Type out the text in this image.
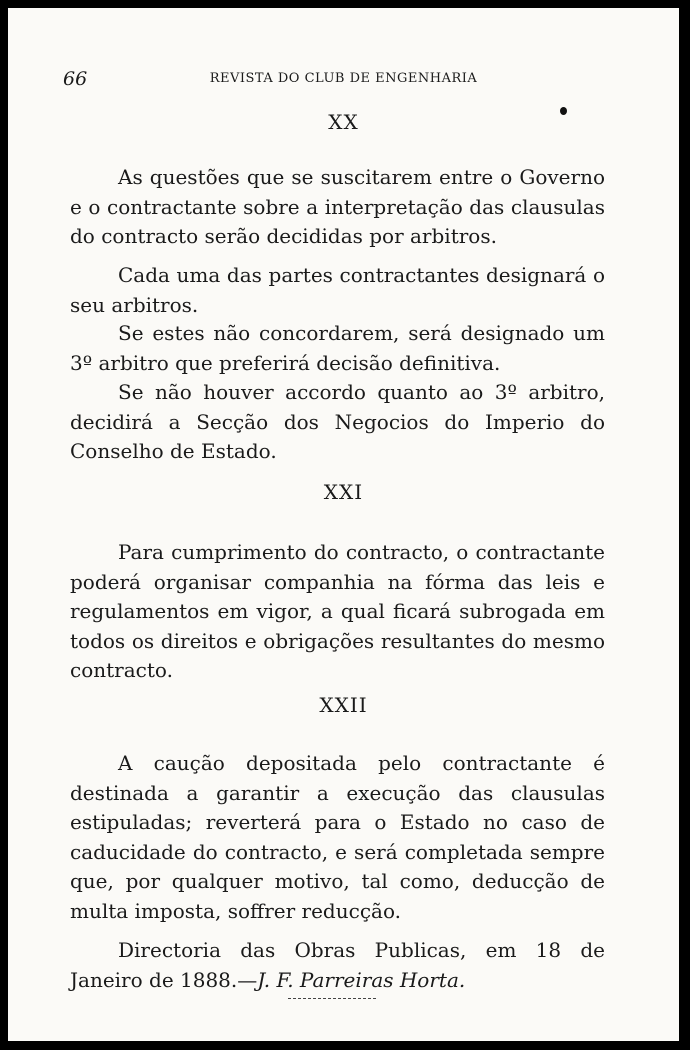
66	REVISTA DO CLUB DE ENGENHARIA
XX

As questões que se suscitarem entre o Governo e o contractante sobre a interpretação das clausulas do contracto serão decididas por arbitros.

Cada uma das partes contractantes designará o seu arbitros.

Se estes não concordarem, será designado um 3º arbitro que preferirá decisão definitiva.

Se não houver accordo quanto ao 3º arbitro, decidirá a Secção dos Negocios do Imperio do Conselho de Estado.

XXI

Para cumprimento do contracto, o contractante poderá organisar companhia na fórma das leis e regulamentos em vigor, a qual ficará subrogada em todos os direitos e obrigações resultantes do mesmo contracto.

XXII

A caução depositada pelo contractante é destinada a garantir a execução das clausulas estipuladas; reverterá para o Estado no caso de caducidade do contracto, e será completada sempre que, por qualquer motivo, tal como, deducção de multa imposta, soffrer reducção.

Directoria das Obras Publicas, em 18 de Janeiro de 1888.—J. F. Parreiras Horta.
